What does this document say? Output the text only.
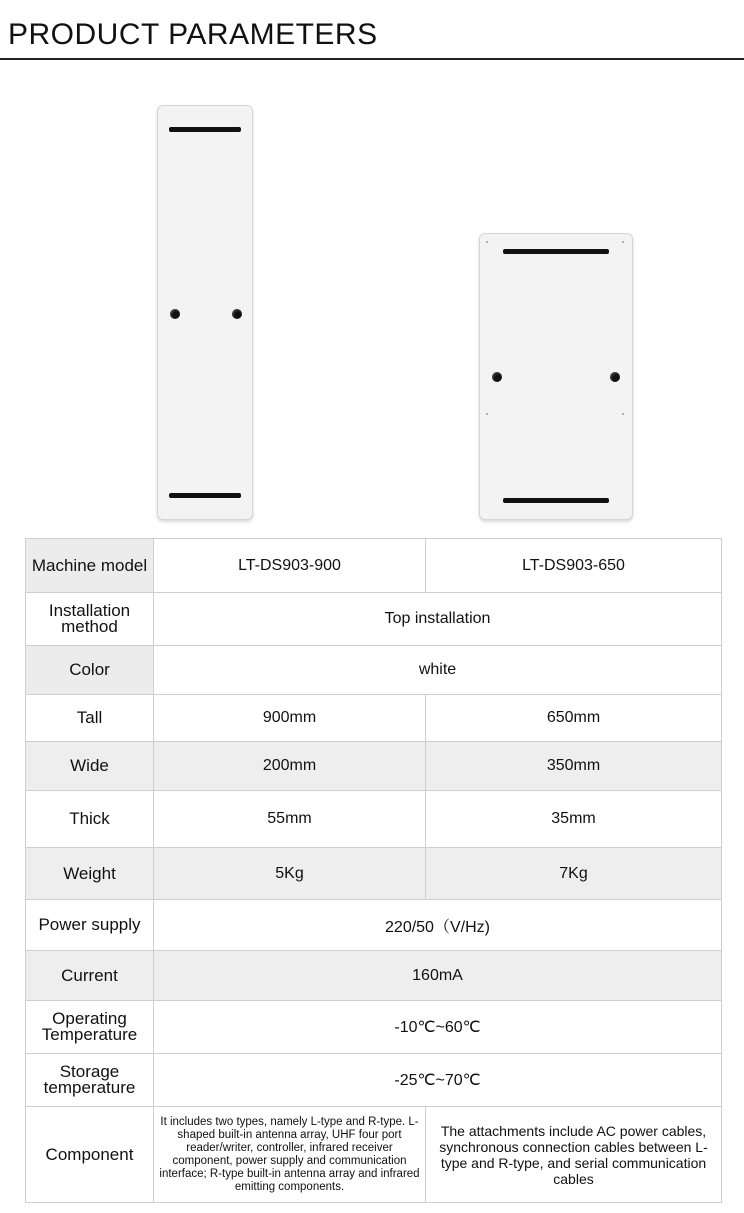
PRODUCT PARAMETERS
Machine model	LT-DS903-900	LT-DS903-650
Installation method	Top installation	
Color	white	
Tall	900mm	650mm
Wide	200mm	350mm
Thick	55mm	35mm
Weight	5Kg	7Kg
Power supply	220/50（V/Hz)	
Current	160mA	
Operating Temperature	-10℃~60℃	
Storage temperature	-25℃~70℃	
Component	It includes two types, namely L-type and R-type. L-shaped built-in antenna array, UHF four port reader/writer, controller, infrared receiver component, power supply and communication interface; R-type built-in antenna array and infrared emitting components.	The attachments include AC power cables, synchronous connection cables between L-type and R-type, and serial communication cables
